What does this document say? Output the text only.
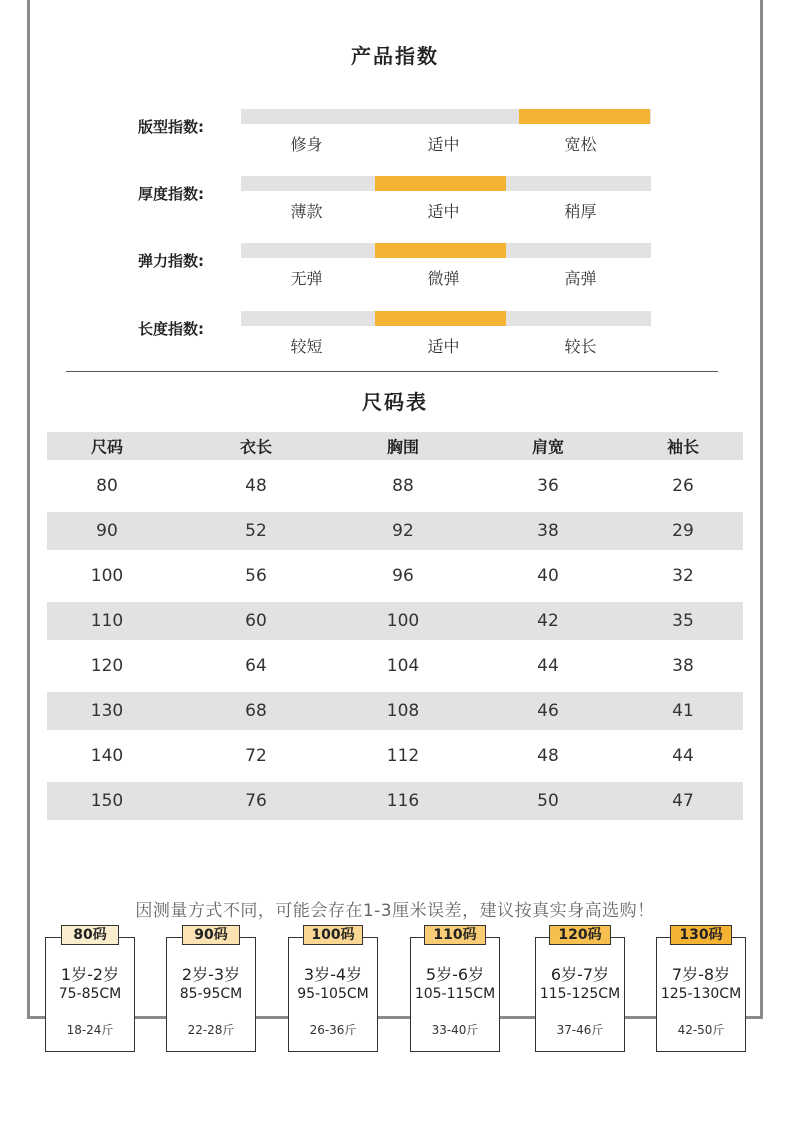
产品指数
版型指数:
修身	适中	宽松
厚度指数:
薄款	适中	稍厚
弹力指数:
无弹	微弹	高弹
长度指数:
较短	适中	较长
尺码表
尺码	衣长	胸围	肩宽	袖长
80	48	88	36	26
90	52	92	38	29
100	56	96	40	32
110	60	100	42	35
120	64	104	44	38
130	68	108	46	41
140	72	112	48	44
150	76	116	50	47
因测量方式不同，可能会存在1-3厘米误差，建议按真实身高选购！
1岁-2岁
75-85CM
18-24斤
80码
2岁-3岁
85-95CM
22-28斤
90码
3岁-4岁
95-105CM
26-36斤
100码
5岁-6岁
105-115CM
33-40斤
110码
6岁-7岁
115-125CM
37-46斤
120码
7岁-8岁
125-130CM
42-50斤
130码
